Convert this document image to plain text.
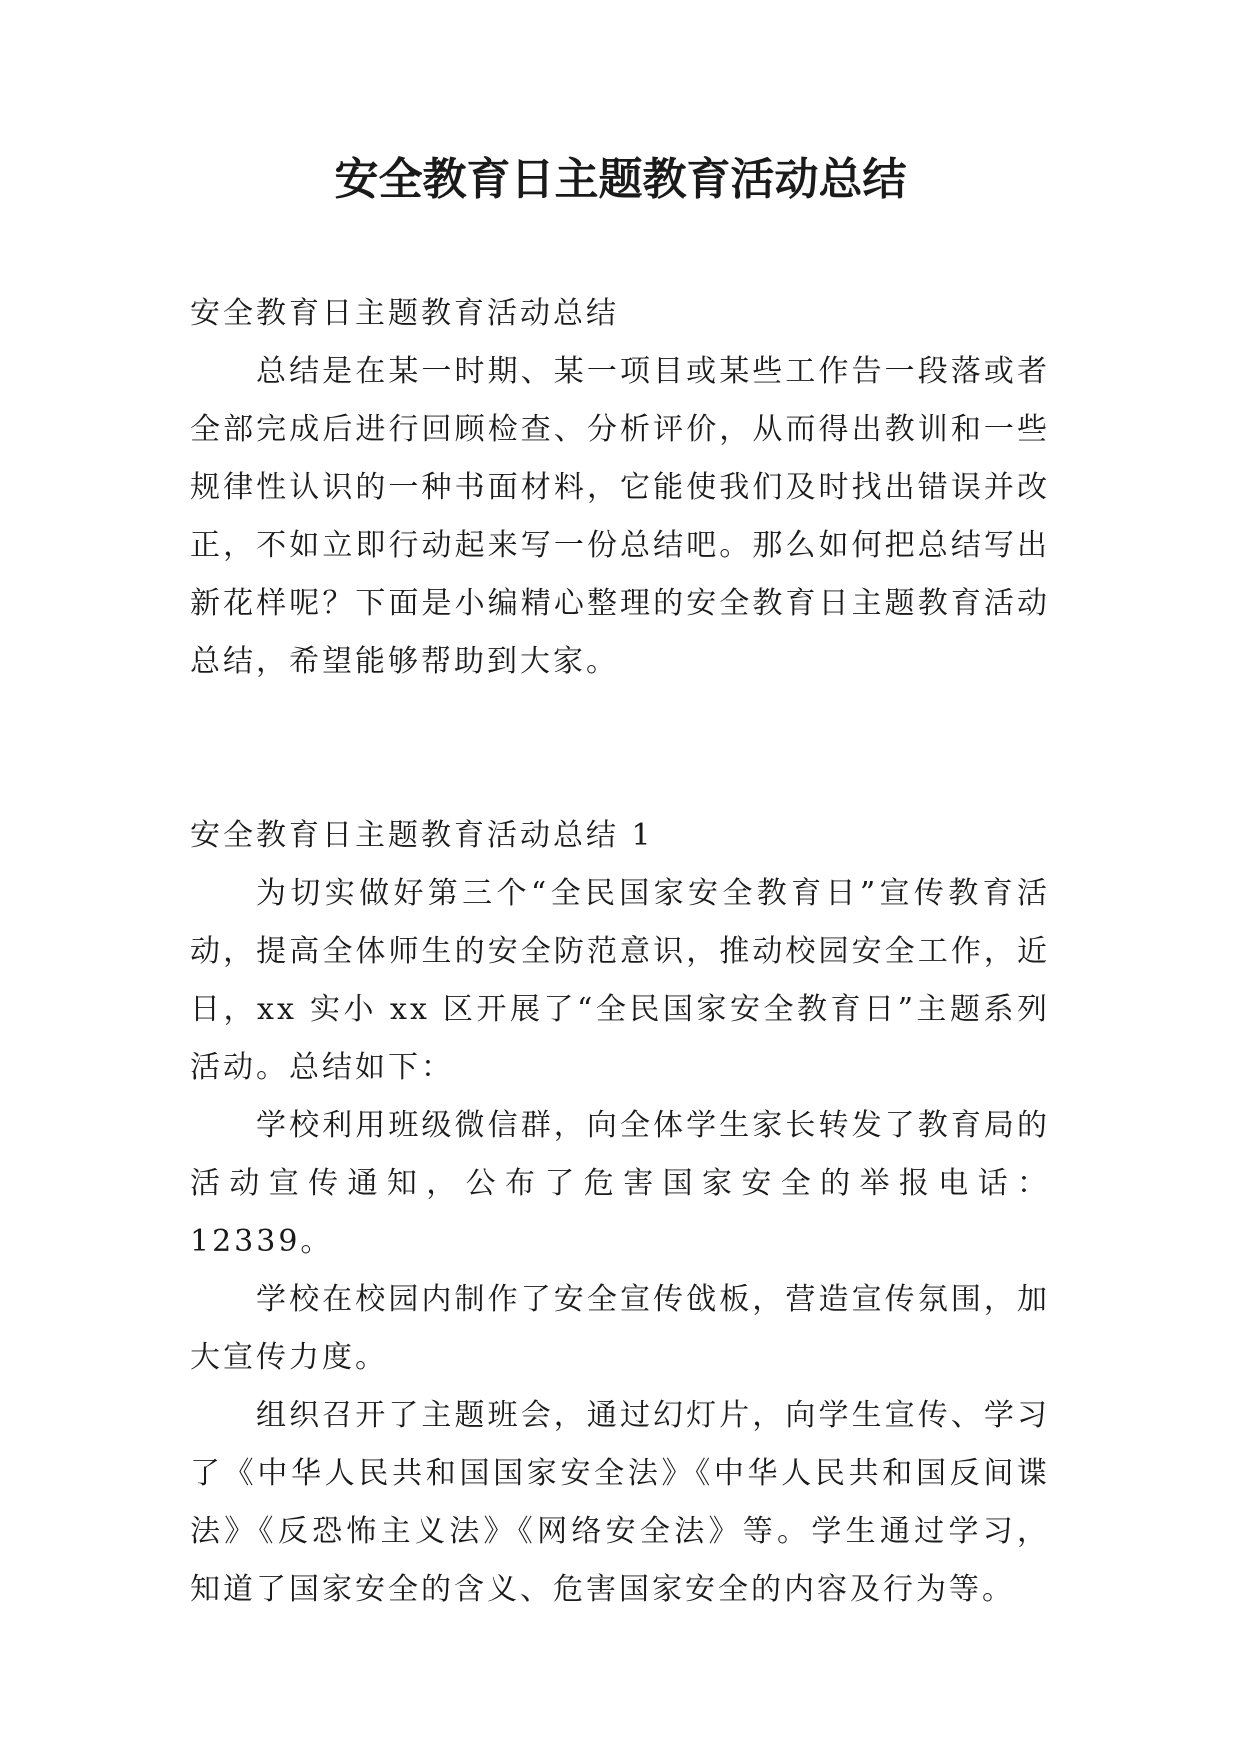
安全教育日主题教育活动总结

安全教育日主题教育活动总结

总结是在某一时期、某一项目或某些工作告一段落或者全部完成后进行回顾检查、分析评价，从而得出教训和一些规律性认识的一种书面材料，它能使我们及时找出错误并改正，不如立即行动起来写一份总结吧。那么如何把总结写出新花样呢？下面是小编精心整理的安全教育日主题教育活动总结，希望能够帮助到大家。

安全教育日主题教育活动总结 1

为切实做好第三个“全民国家安全教育日”宣传教育活动，提高全体师生的安全防范意识，推动校园安全工作，近日，xx 实小 xx 区开展了“全民国家安全教育日”主题系列活动。总结如下：

学校利用班级微信群，向全体学生家长转发了教育局的活动宣传通知，公布了危害国家安全的举报电话：12339。

学校在校园内制作了安全宣传戗板，营造宣传氛围，加大宣传力度。

组织召开了主题班会，通过幻灯片，向学生宣传、学习了《中华人民共和国国家安全法》《中华人民共和国反间谍法》《反恐怖主义法》《网络安全法》等。学生通过学习，知道了国家安全的含义、危害国家安全的内容及行为等。
